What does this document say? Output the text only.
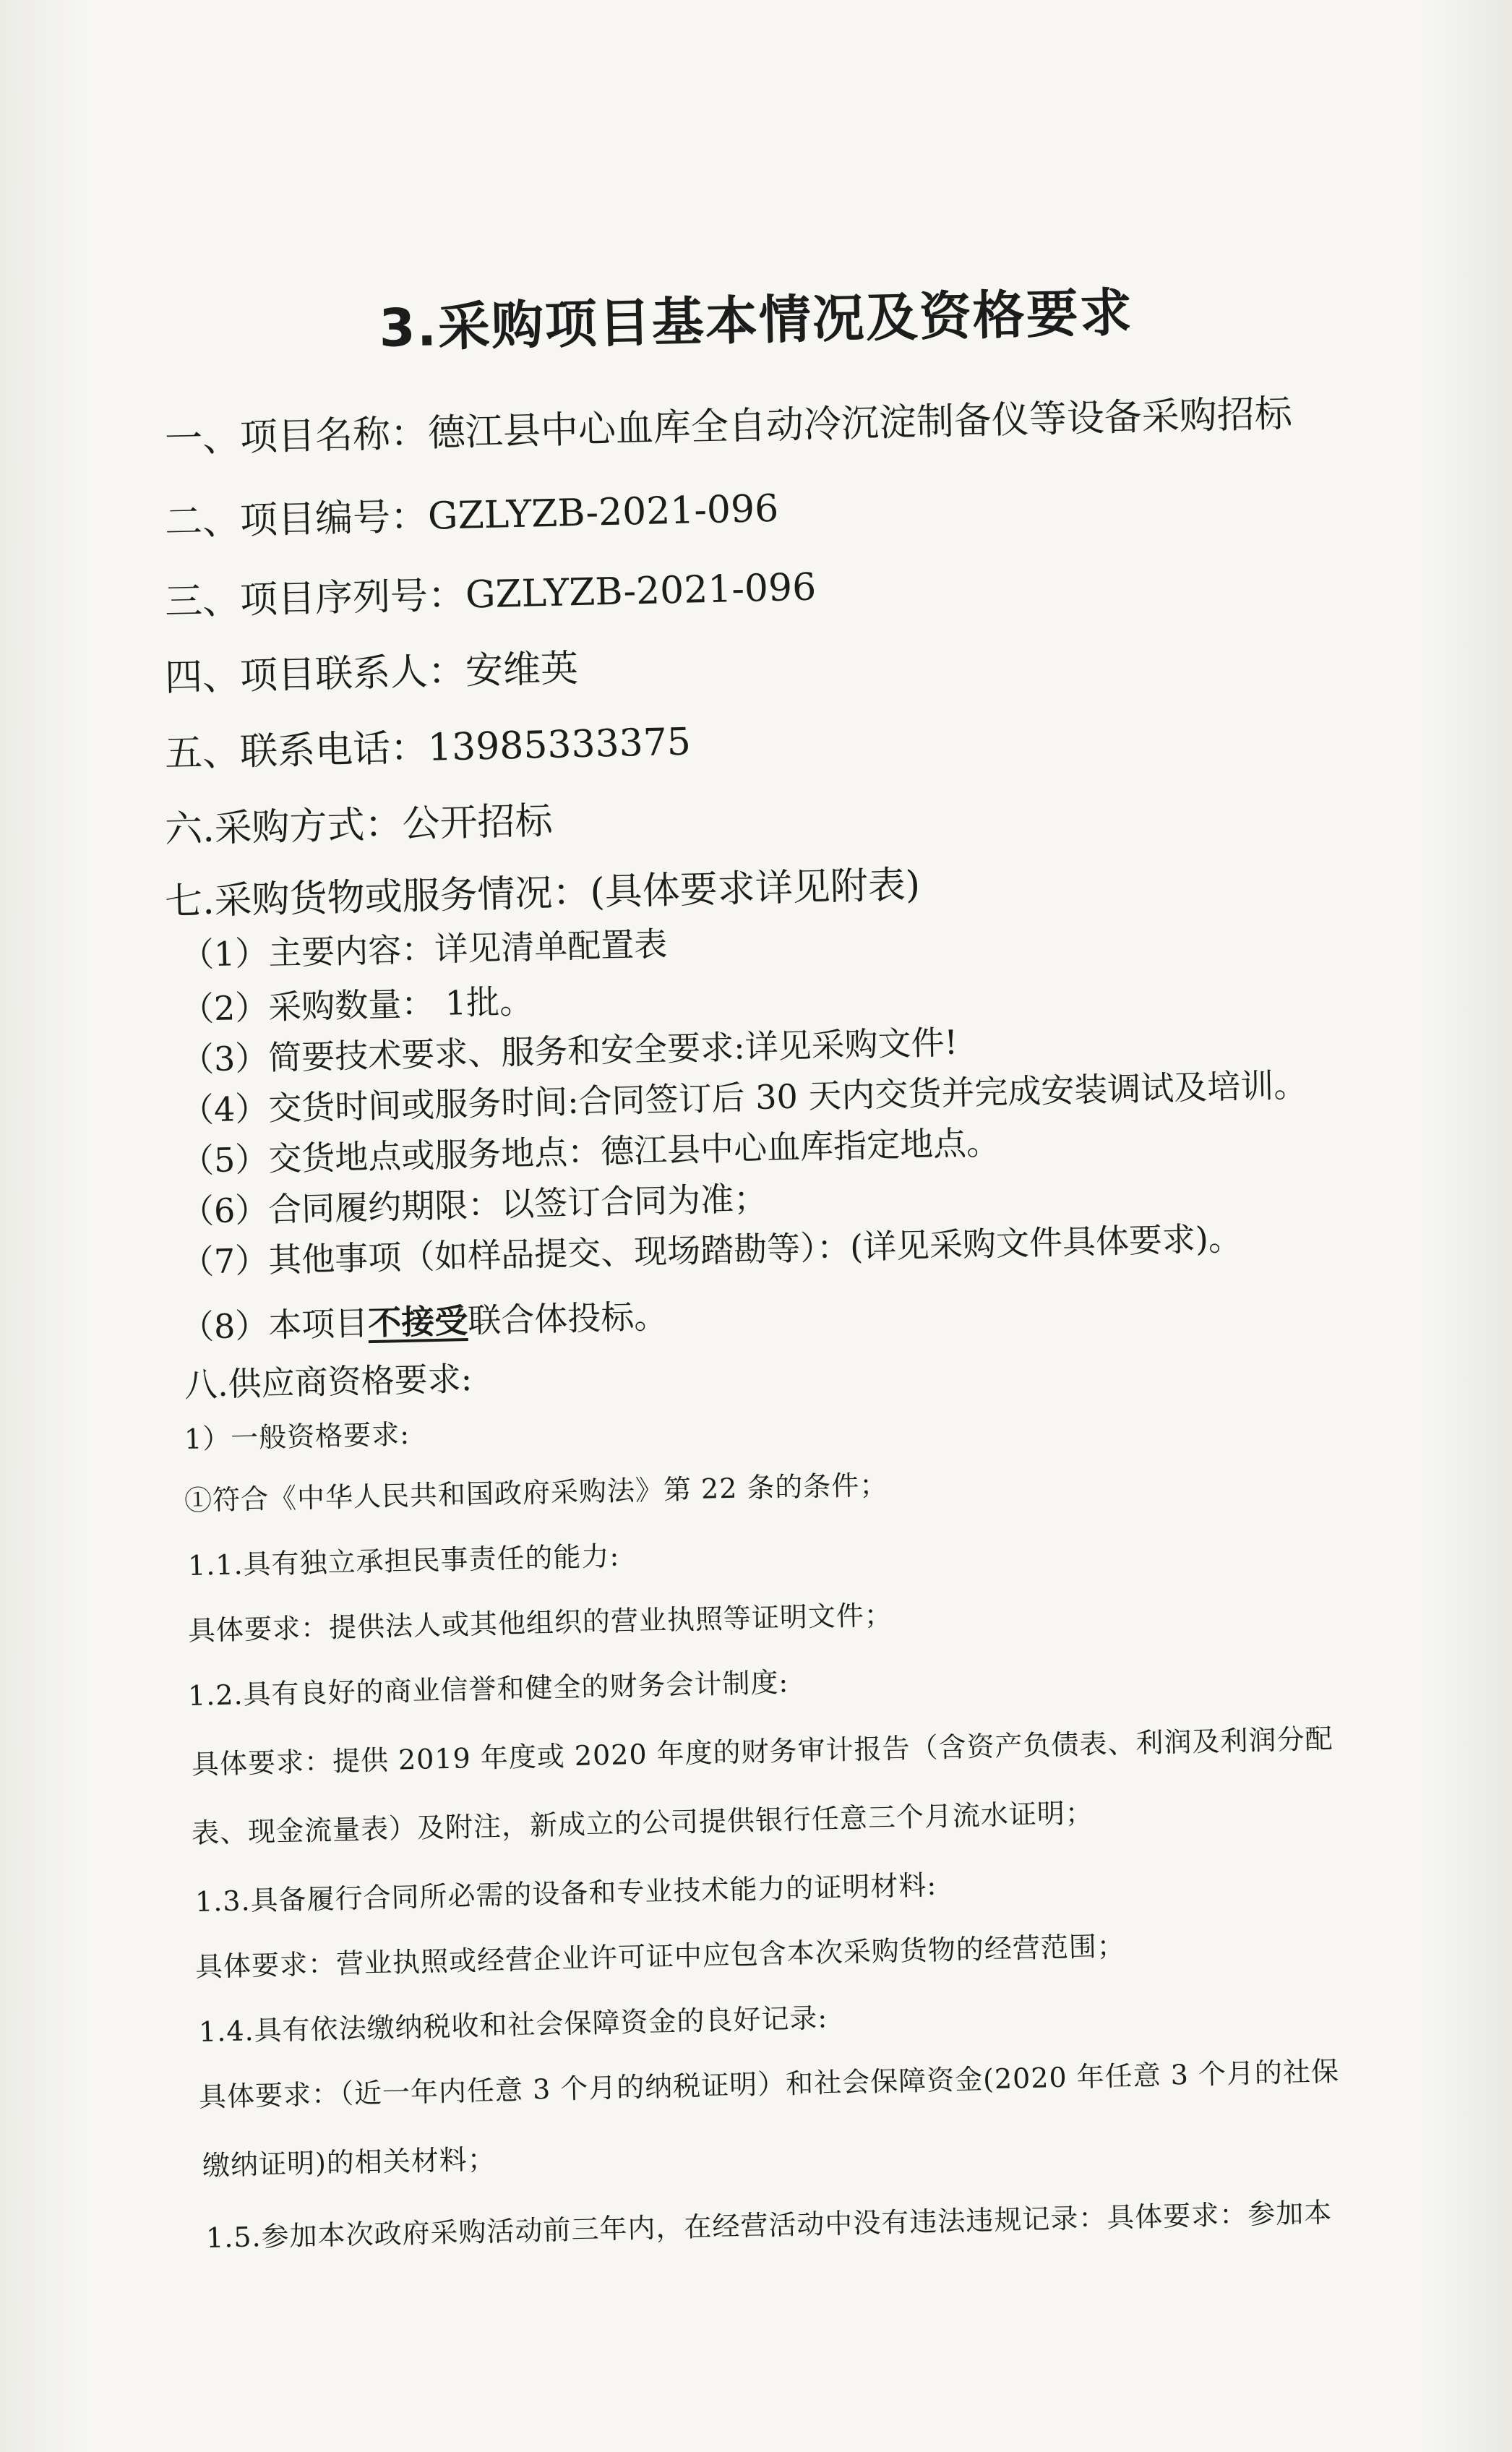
3.采购项目基本情况及资格要求
一、项目名称：德江县中心血库全自动冷沉淀制备仪等设备采购招标
二、项目编号：GZLYZB-2021-096
三、项目序列号：GZLYZB-2021-096
四、项目联系人：安维英
五、联系电话：13985333375
六.采购方式：公开招标
七.采购货物或服务情况：(具体要求详见附表)
（1）主要内容：详见清单配置表
（2）采购数量： 1批。
（3）简要技术要求、服务和安全要求:详见采购文件!
（4）交货时间或服务时间:合同签订后 30 天内交货并完成安装调试及培训。
（5）交货地点或服务地点：德江县中心血库指定地点。
（6）合同履约期限：以签订合同为准；
（7）其他事项（如样品提交、现场踏勘等）：(详见采购文件具体要求)。
（8）本项目不接受联合体投标。
八.供应商资格要求:
1）一般资格要求:
①符合《中华人民共和国政府采购法》第 22 条的条件；
1.1.具有独立承担民事责任的能力:
具体要求：提供法人或其他组织的营业执照等证明文件；
1.2.具有良好的商业信誉和健全的财务会计制度:
具体要求：提供 2019 年度或 2020 年度的财务审计报告（含资产负债表、利润及利润分配
表、现金流量表）及附注，新成立的公司提供银行任意三个月流水证明；
1.3.具备履行合同所必需的设备和专业技术能力的证明材料:
具体要求：营业执照或经营企业许可证中应包含本次采购货物的经营范围；
1.4.具有依法缴纳税收和社会保障资金的良好记录:
具体要求：（近一年内任意 3 个月的纳税证明）和社会保障资金(2020 年任意 3 个月的社保
缴纳证明)的相关材料；
1.5.参加本次政府采购活动前三年内，在经营活动中没有违法违规记录：具体要求：参加本
